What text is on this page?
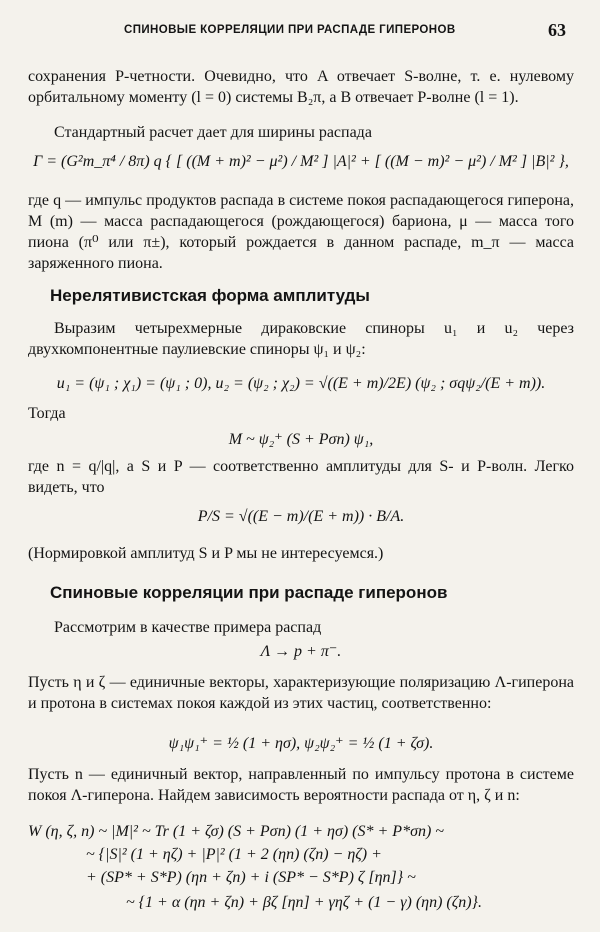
СПИНОВЫЕ КОРРЕЛЯЦИИ ПРИ РАСПАДЕ ГИПЕРОНОВ	63

сохранения P-четности. Очевидно, что A отвечает S-волне, т. е. нулевому орбитальному моменту (l = 0) системы B₂π, а B отвечает P-волне (l = 1).

Стандартный расчет дает для ширины распада

Γ = (G²m_π⁴ / 8π) q { [ ((M + m)² − μ²) / M² ] |A|² + [ ((M − m)² − μ²) / M² ] |B|² },

где q — импульс продуктов распада в системе покоя распадающегося гиперона, M (m) — масса распадающегося (рождающегося) бариона, μ — масса того пиона (π⁰ или π±), который рождается в данном распаде, m_π — масса заряженного пиона.

Нерелятивистская форма амплитуды

Выразим четырехмерные дираковские спиноры u₁ и u₂ через двухкомпонентные паулиевские спиноры ψ₁ и ψ₂:

u₁ = (ψ₁ ; χ₁) = (ψ₁ ; 0), u₂ = (ψ₂ ; χ₂) = √((E + m)/2E) (ψ₂ ; σqψ₂/(E + m)).

Тогда

M ~ ψ₂⁺ (S + Pσn) ψ₁,

где n = q/|q|, а S и P — соответственно амплитуды для S- и P-волн. Легко видеть, что

P/S = √((E − m)/(E + m)) · B/A.

(Нормировкой амплитуд S и P мы не интересуемся.)

Спиновые корреляции при распаде гиперонов

Рассмотрим в качестве примера распад

Λ → p + π⁻.

Пусть η и ζ — единичные векторы, характеризующие поляризацию Λ-гиперона и протона в системах покоя каждой из этих частиц, соответственно:

ψ₁ψ₁⁺ = ½ (1 + ησ), ψ₂ψ₂⁺ = ½ (1 + ζσ).

Пусть n — единичный вектор, направленный по импульсу протона в системе покоя Λ-гиперона. Найдем зависимость вероятности распада от η, ζ и n:

W (η, ζ, n) ~ |M|² ~ Tr (1 + ζσ) (S + Pσn) (1 + ησ) (S* + P*σn) ~

~ {|S|² (1 + ηζ) + |P|² (1 + 2 (ηn) (ζn) − ηζ) +

+ (SP* + S*P) (ηn + ζn) + i (SP* − S*P) ζ [ηn]} ~

~ {1 + α (ηn + ζn) + βζ [ηn] + γηζ + (1 − γ) (ηn) (ζn)}.
